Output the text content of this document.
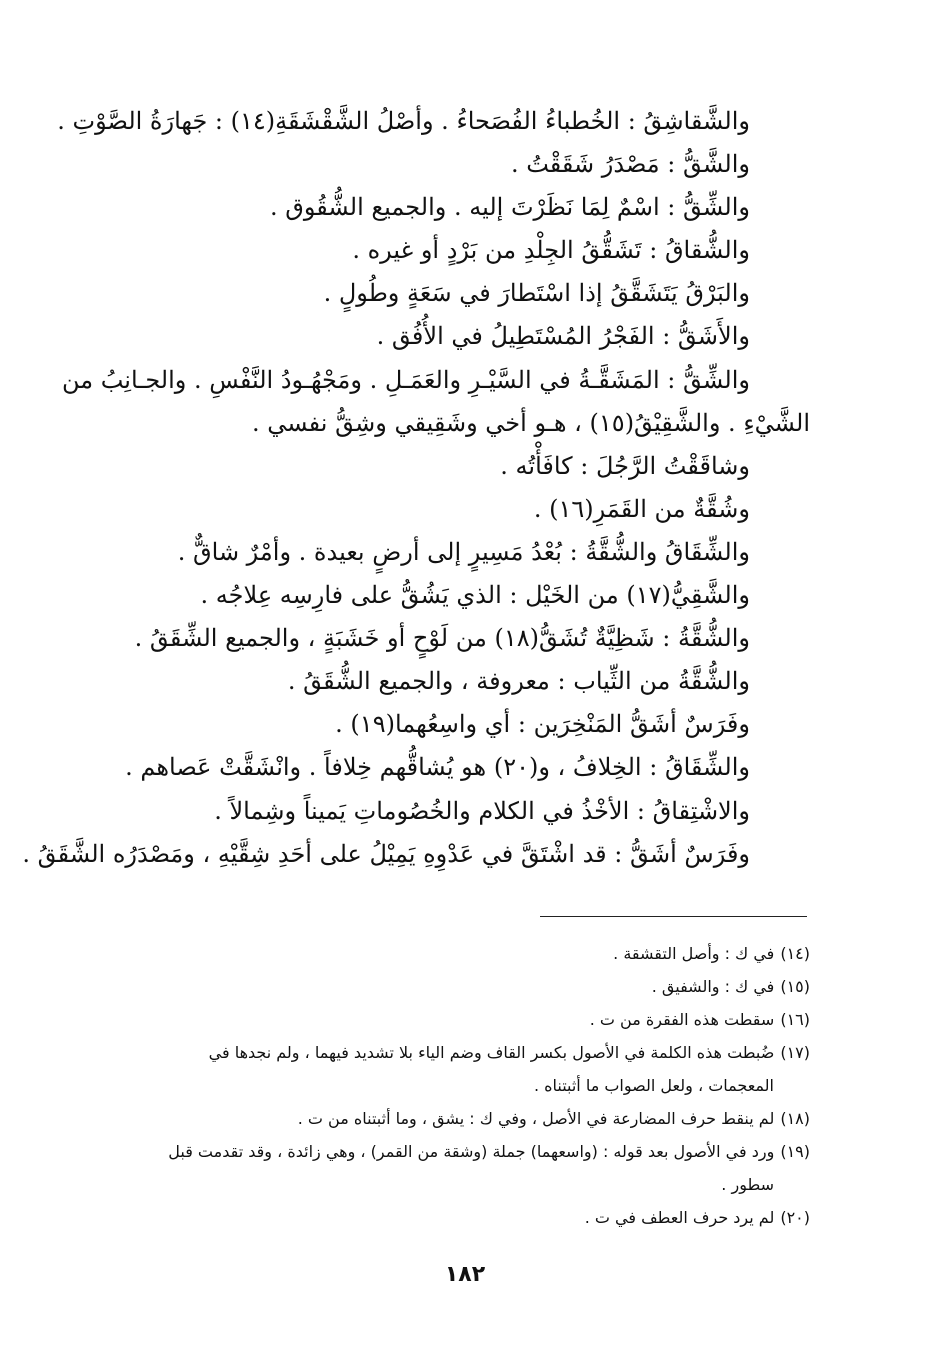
والشَّقاشِقُ : الخُطباءُ الفُصَحاءُ . وأصْلُ الشَّقْشَقَةِ(١٤) : جَهارَةُ الصَّوْتِ .

والشَّقُّ : مَصْدَرُ شَقَقْتُ .

والشِّقُّ : اسْمٌ لِمَا نَظَرْتَ إليه . والجميع الشُّقُوق .

والشُّقاقُ : تَشَقُّقُ الجِلْدِ من بَرْدٍ أو غيره .

والبَرْقُ يَتَشَقَّقُ إذا اسْتَطارَ في سَعَةٍ وطُولٍ .

والأَشَقُّ : الفَجْرُ المُسْتَطِيلُ في الأُفُق .

والشِّقُّ : المَشَقَّـةُ في السَّيْـرِ والعَمَـلِ . ومَجْهُـودُ النَّفْسِ . والجـانِبُ من

الشَّيْءِ . والشَّقِيْقُ(١٥) ، هـو أخي وشَقِيقي وشِقُّ نفسي .

وشاقَقْتُ الرَّجُلَ : كافَأْتُه .

وشُقَّةٌ من القَمَرِ(١٦) .

والشِّقَاقُ والشُّقَّةُ : بُعْدُ مَسِيرٍ إلى أرضٍ بعيدة . وأمْرٌ شاقٌّ .

والشَّقِيُّ(١٧) من الخَيْل : الذي يَشُقُّ على فارِسِه عِلاجُه .

والشُّقَّةُ : شَظِيَّةٌ تُشَقُّ(١٨) من لَوْحٍ أو خَشَبَةٍ ، والجميع الشِّقَقُ .

والشُّقَّةُ من الثِّياب : معروفة ، والجميع الشُّقَقُ .

وفَرَسٌ أشَقُّ المَنْخِرَين : أي واسِعُهما(١٩) .

والشِّقَاقُ : الخِلافُ ، و(٢٠) هو يُشاقُّهم خِلافاً . وانْشَقَّتْ عَصاهم .

والاشْتِقاقُ : الأخْذُ في الكلام والخُصُوماتِ يَميناً وشِمالاً .

وفَرَسٌ أشَقُّ : قد اشْتَقَّ في عَدْوِهِ يَمِيْلُ على أحَدِ شِقَّيْهِ ، ومَصْدَرُه الشَّقَقُ .

(١٤)في ك : وأصل التقشقة .

(١٥)في ك : والشفيق .

(١٦)سقطت هذه الفقرة من ت .

(١٧)ضُبطت هذه الكلمة في الأصول بكسر القاف وضم الياء بلا تشديد فيهما ، ولم نجدها في
المعجمات ، ولعل الصواب ما أثبتناه .

(١٨)لم ينقط حرف المضارعة في الأصل ، وفي ك : يشق ، وما أثبتناه من ت .

(١٩)ورد في الأصول بعد قوله : (واسعهما) جملة (وشقة من القمر) ، وهي زائدة ، وقد تقدمت قبل
سطور .

(٢٠)لم يرد حرف العطف في ت .

١٨٢
